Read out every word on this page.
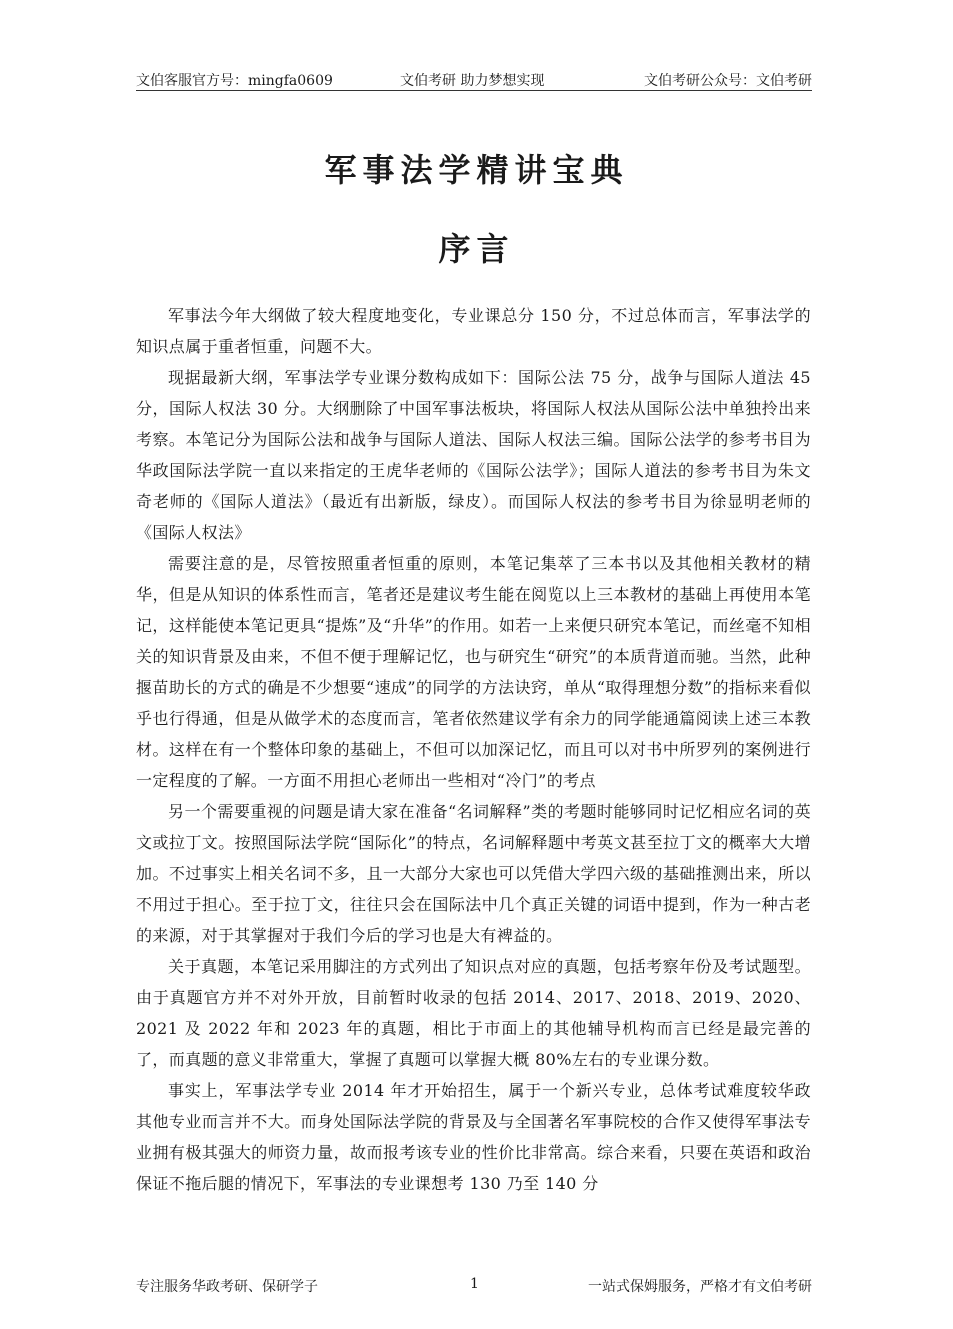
文伯客服官方号：mingfa0609	文伯考研 助力梦想实现	文伯考研公众号：文伯考研
军事法学精讲宝典
序言

军事法今年大纲做了较大程度地变化，专业课总分 150 分，不过总体而言，军事法学的知识点属于重者恒重，问题不大。

现据最新大纲，军事法学专业课分数构成如下：国际公法 75 分，战争与国际人道法 45 分，国际人权法 30 分。大纲删除了中国军事法板块，将国际人权法从国际公法中单独拎出来考察。本笔记分为国际公法和战争与国际人道法、国际人权法三编。国际公法学的参考书目为华政国际法学院一直以来指定的王虎华老师的《国际公法学》；国际人道法的参考书目为朱文奇老师的《国际人道法》（最近有出新版，绿皮）。而国际人权法的参考书目为徐显明老师的《国际人权法》

需要注意的是，尽管按照重者恒重的原则，本笔记集萃了三本书以及其他相关教材的精华，但是从知识的体系性而言，笔者还是建议考生能在阅览以上三本教材的基础上再使用本笔记，这样能使本笔记更具“提炼”及“升华”的作用。如若一上来便只研究本笔记，而丝毫不知相关的知识背景及由来，不但不便于理解记忆，也与研究生“研究”的本质背道而驰。当然，此种揠苗助长的方式的确是不少想要“速成”的同学的方法诀窍，单从“取得理想分数”的指标来看似乎也行得通，但是从做学术的态度而言，笔者依然建议学有余力的同学能通篇阅读上述三本教材。这样在有一个整体印象的基础上，不但可以加深记忆，而且可以对书中所罗列的案例进行一定程度的了解。一方面不用担心老师出一些相对“冷门”的考点

另一个需要重视的问题是请大家在准备“名词解释”类的考题时能够同时记忆相应名词的英文或拉丁文。按照国际法学院“国际化”的特点，名词解释题中考英文甚至拉丁文的概率大大增加。不过事实上相关名词不多，且一大部分大家也可以凭借大学四六级的基础推测出来，所以不用过于担心。至于拉丁文，往往只会在国际法中几个真正关键的词语中提到，作为一种古老的来源，对于其掌握对于我们今后的学习也是大有裨益的。

关于真题，本笔记采用脚注的方式列出了知识点对应的真题，包括考察年份及考试题型。由于真题官方并不对外开放，目前暂时收录的包括 2014、2017、2018、2019、2020、2021 及 2022 年和 2023 年的真题，相比于市面上的其他辅导机构而言已经是最完善的了，而真题的意义非常重大，掌握了真题可以掌握大概 80%左右的专业课分数。

事实上，军事法学专业 2014 年才开始招生，属于一个新兴专业，总体考试难度较华政其他专业而言并不大。而身处国际法学院的背景及与全国著名军事院校的合作又使得军事法专业拥有极其强大的师资力量，故而报考该专业的性价比非常高。综合来看，只要在英语和政治保证不拖后腿的情况下，军事法的专业课想考 130 乃至 140 分

专注服务华政考研、保研学子	1	一站式保姆服务，严格才有文伯考研
